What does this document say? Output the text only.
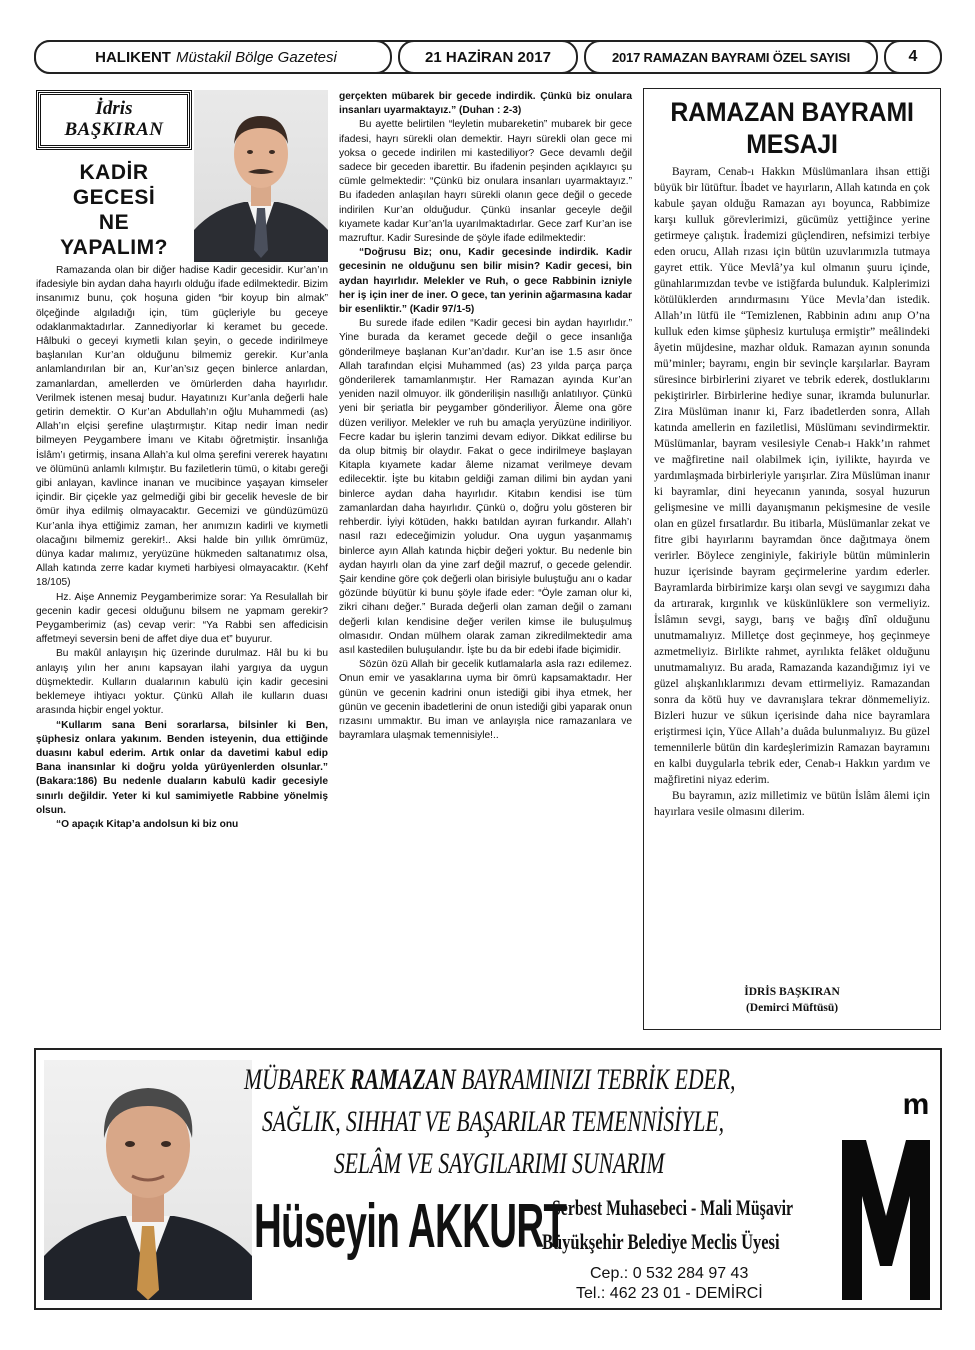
HALIKENT Müstakil Bölge Gazetesi	21 HAZİRAN 2017	2017 RAMAZAN BAYRAMI ÖZEL SAYISI	4
İdris
BAŞKIRAN
KADİR
GECESİ
NE
YAPALIM?

Ramazanda olan bir diğer hadise Kadir gecesidir. Kur’an’ın ifadesiyle bin aydan daha hayırlı olduğu ifade edilmektedir. Bizim insanımız bunu, çok hoşuna giden “bir koyup bin almak” ölçeğinde algıladığı için, tüm güçleriyle bu geceye odaklanmaktadırlar. Zannediyorlar ki keramet bu gecede. Hâlbuki o geceyi kıymetli kılan şeyin, o gecede indirilmeye başlanılan Kur’an olduğunu bilmemiz gerekir. Kur’anla anlamlandırılan bir an, Kur’an’sız geçen binlerce anlardan, zamanlardan, amellerden ve ömürlerden daha hayırlıdır. Verilmek istenen mesaj budur. Hayatınızı Kur’anla değerli hale getirin demektir. O Kur’an Abdullah’ın oğlu Muhammedi (as) Allah’ın elçisi şerefine ulaştırmıştır. Kitap nedir İman nedir bilmeyen Peygambere İmanı ve Kitabı öğretmiştir. İnsanlığa İslâm’ı getirmiş, insana Allah’a kul olma şerefini vererek hayatını ve ölümünü anlamlı kılmıştır. Bu faziletlerin tümü, o kitabı gereği gibi anlayan, kavlince inanan ve mucibince yaşayan kimseler içindir. Bir çiçekle yaz gelmediği gibi bir gecelik hevesle de bir ömür ihya edilmiş olmayacaktır. Gecemizi ve gündüzümüzü Kur’anla ihya ettiğimiz zaman, her anımızın kadirli ve kıymetli olacağını bilmemiz gerekir!.. Aksi halde bin yıllık ömrümüz, dünya kadar malımız, yeryüzüne hükmeden saltanatımız olsa, Allah katında zerre kadar kıymeti harbiyesi olmayacaktır. (Kehf 18/105)

Hz. Aişe Annemiz Peygamberimize sorar: Ya Resulallah bir gecenin kadir gecesi olduğunu bilsem ne yapmam gerekir? Peygamberimiz (as) cevap verir: “Ya Rabbi sen affedicisin affetmeyi seversin beni de affet diye dua et” buyurur.

Bu makûl anlayışın hiç üzerinde durulmaz. Hâl bu ki bu anlayış yılın her anını kapsayan ilahi yargıya da uygun düşmektedir. Kulların dualarının kabulü için kadir gecesini beklemeye ihtiyacı yoktur. Çünkü Allah ile kulların duası arasında hiçbir engel yoktur.

“Kullarım sana Beni sorarlarsa, bilsinler ki Ben, şüphesiz onlara yakınım. Benden isteyenin, dua ettiğinde duasını kabul ederim. Artık onlar da davetimi kabul edip Bana inansınlar ki doğru yolda yürüyenlerden olsunlar.” (Bakara:186) Bu nedenle duaların kabulü kadir gecesiyle sınırlı değildir. Yeter ki kul samimiyetle Rabbine yönelmiş olsun.

“O apaçık Kitap’a andolsun ki biz onu

gerçekten mübarek bir gecede indirdik. Çünkü biz onulara insanları uyarmaktayız.” (Duhan : 2-3)

Bu ayette belirtilen “leyletin mubareketin” mubarek bir gece ifadesi, hayrı sürekli olan demektir. Hayrı sürekli olan gece mi yoksa o gecede indirilen mi kastediliyor? Gece devamlı değil sadece bir geceden ibarettir. Bu ifadenin peşinden açıklayıcı şu cümle gelmektedir: “Çünkü biz onulara insanları uyarmaktayız.” Bu ifadeden anlaşılan hayrı sürekli olanın gece değil o gecede indirilen Kur’an olduğudur. Çünkü insanlar geceyle değil kıyamete kadar Kur’an’la uyarılmaktadırlar. Gece zarf Kur’an ise mazruftur. Kadir Suresinde de şöyle ifade edilmektedir:

“Doğrusu Biz; onu, Kadir gecesinde indirdik. Kadir gecesinin ne olduğunu sen bilir misin? Kadir gecesi, bin aydan hayırlıdır. Melekler ve Ruh, o gece Rabbinin izniyle her iş için iner de iner. O gece, tan yerinin ağarmasına kadar bir esenliktir.” (Kadir 97/1-5)

Bu surede ifade edilen “Kadir gecesi bin aydan hayırlıdır.” Yine burada da keramet gecede değil o gece insanlığa gönderilmeye başlanan Kur’an’dadır. Kur’an ise 1.5 asır önce Allah tarafından elçisi Muhammed (as) 23 yılda parça parça gönderilerek tamamlanmıştır. Her Ramazan ayında Kur’an yeniden nazil olmuyor. ilk gönderilişin nasıllığı anlatılıyor. Çünkü yeni bir şeriatla bir peygamber gönderiliyor. Âleme ona göre düzen veriliyor. Melekler ve ruh bu amaçla yeryüzüne indiriliyor. Fecre kadar bu işlerin tanzimi devam ediyor. Dikkat edilirse bu da olup bitmiş bir olaydır. Fakat o gece indirilmeye başlayan Kitapla kıyamete kadar âleme nizamat verilmeye devam edilecektir. İşte bu kitabın geldiği zaman dilimi bin aydan yani binlerce aydan daha hayırlıdır. Kitabın kendisi ise tüm zamanlardan daha hayırlıdır. Çünkü o, doğru yolu gösteren bir rehberdir. İyiyi kötüden, hakkı batıldan ayıran furkandır. Allah’ı nasıl razı edeceğimizin yoludur. Ona uygun yaşanmamış binlerce ayın Allah katında hiçbir değeri yoktur. Bu nedenle bin aydan hayırlı olan da yine zarf değil mazruf, o gecede gelendir. Şair kendine göre çok değerli olan birisiyle buluştuğu anı o kadar gözünde büyütür ki bunu şöyle ifade eder: “Öyle zaman olur ki, zikri cihanı değer.” Burada değerli olan zaman değil o zamanı değerli kılan kendisine değer verilen kimse ile buluşulmuş olmasıdır. Ondan mülhem olarak zaman zikredilmektedir ama asıl kastedilen buluşulandır. İşte bu da bir edebi ifade biçimidir.

Sözün özü Allah bir gecelik kutlamalarla asla razı edilemez. Onun emir ve yasaklarına uyma bir ömrü kapsamaktadır. Her günün ve gecenin kadrini onun istediği gibi ihya etmek, her günün ve gecenin ibadetlerini de onun istediği gibi yaparak onun rızasını ummaktır. Bu iman ve anlayışla nice ramazanlara ve bayramlara ulaşmak temennisiyle!..

RAMAZAN BAYRAMI
MESAJI

Bayram, Cenab-ı Hakkın Müslümanlara ihsan ettiği büyük bir lütüftur. İbadet ve hayırların, Allah katında en çok kabule şayan olduğu Ramazan ayı boyunca, Rabbimize karşı kulluk görevlerimizi, gücümüz yettiğince yerine getirmeye çalıştık. İrademizi güçlendiren, nefsimizi terbiye eden orucu, Allah rızası için bütün uzuvlarımızla tutmaya gayret ettik. Yüce Mevlâ’ya kul olmanın şuuru içinde, günahlarımızdan tevbe ve istiğfarda bulunduk. Kalplerimizi kötülüklerden arındırmasını Yüce Mevla’dan istedik. Allah’ın lütfü ile “Temizlenen, Rabbinin adını anıp O’na kulluk eden kimse şüphesiz kurtuluşa ermiştir” meâlindeki âyetin müjdesine, mazhar olduk. Ramazan ayının sonunda mü’minler; bayramı, engin bir sevinçle karşılarlar. Bayram süresince birbirlerini ziyaret ve tebrik ederek, dostluklarını pekiştirirler. Birbirlerine hediye sunar, ikramda bulunurlar. Zira Müslüman inanır ki, Farz ibadetlerden sonra, Allah katında amellerin en faziletlisi, Müslümanı sevindirmektir. Müslümanlar, bayram vesilesiyle Cenab-ı Hakk’ın rahmet ve mağfiretine nail olabilmek için, iyilikte, hayırda ve yardımlaşmada birbirleriyle yarışırlar. Zira Müslüman inanır ki bayramlar, dini heyecanın yanında, sosyal huzurun gelişmesine ve milli dayanışmanın pekişmesine de vesile olan en güzel fırsatlardır. Bu itibarla, Müslümanlar zekat ve fitre gibi hayırlarını bayramdan önce dağıtmaya önem verirler. Böylece zenginiyle, fakiriyle bütün müminlerin huzur içerisinde bayram geçirmelerine yardım ederler. Bayramlarda birbirimize karşı olan sevgi ve saygımızı daha da artırarak, kırgınlık ve küskünlüklere son vermeliyiz. İslâmın sevgi, saygı, barış ve bağış dînî olduğunu unutmamalıyız. Milletçe dost geçinmeye, hoş geçinmeye azmetmeliyiz. Birlikte rahmet, ayrılıkta felâket olduğunu unutmamalıyız. Bu arada, Ramazanda kazandığımız iyi ve güzel alışkanlıklarımızı devam ettirmeliyiz. Ramazandan sonra da kötü huy ve davranışlara tekrar dönmemeliyiz. Bizleri huzur ve sükun içerisinde daha nice bayramlara eriştirmesi için, Yüce Allah’a duâda bulunmalıyız. Bu güzel temennilerle bütün din kardeşlerimizin Ramazan bayramını en kalbi duygularla tebrik eder, Cenab-ı Hakkın yardım ve mağfiretini niyaz ederim.

Bu bayramın, aziz milletimiz ve bütün İslâm âlemi için hayırlara vesile olmasını dilerim.

İDRİS BAŞKIRAN
(Demirci Müftüsü)
MÜBAREK RAMAZAN BAYRAMINIZI TEBRİK EDER,
SAĞLIK, SIHHAT VE BAŞARILAR TEMENNİSİYLE,
SELÂM VE SAYGILARIMI SUNARIM
Hüseyin AKKURT
Serbest Muhasebeci - Mali Müşavir
Büyükşehir Belediye Meclis Üyesi
Cep.: 0 532 284 97 43
Tel.: 462 23 01 - DEMİRCİ
m
